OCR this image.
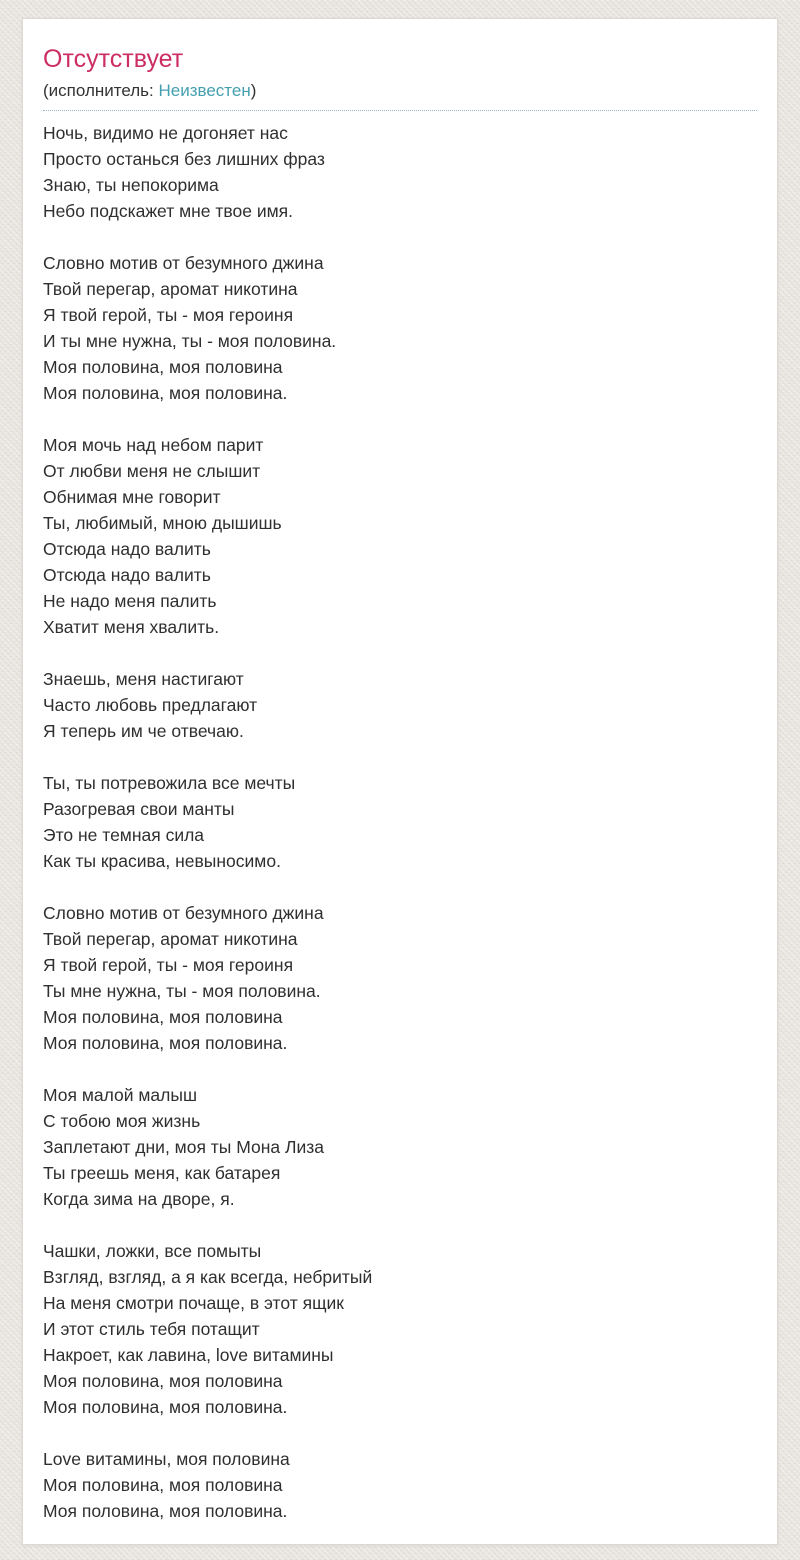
Отсутствует

(исполнитель: Неизвестен)

Ночь, видимо не догоняет нас
Просто останься без лишних фраз
Знаю, ты непокорима
Небо подскажет мне твое имя.

Словно мотив от безумного джина
Твой перегар, аромат никотина
Я твой герой, ты - моя героиня
И ты мне нужна, ты - моя половина.
Моя половина, моя половина
Моя половина, моя половина.

Моя мочь над небом парит
От любви меня не слышит
Обнимая мне говорит
Ты, любимый, мною дышишь
Отсюда надо валить
Отсюда надо валить
Не надо меня палить
Хватит меня хвалить.

Знаешь, меня настигают
Часто любовь предлагают
Я теперь им че отвечаю.

Ты, ты потревожила все мечты
Разогревая свои манты
Это не темная сила
Как ты красива, невыносимо.

Словно мотив от безумного джина
Твой перегар, аромат никотина
Я твой герой, ты - моя героиня
Ты мне нужна, ты - моя половина.
Моя половина, моя половина
Моя половина, моя половина.

Моя малой малыш
С тобою моя жизнь
Заплетают дни, моя ты Мона Лиза
Ты греешь меня, как батарея
Когда зима на дворе, я.

Чашки, ложки, все помыты
Взгляд, взгляд, а я как всегда, небритый
На меня смотри почаще, в этот ящик
И этот стиль тебя потащит
Накроет, как лавина, love витамины
Моя половина, моя половина
Моя половина, моя половина.

Love витамины, моя половина
Моя половина, моя половина
Моя половина, моя половина.
